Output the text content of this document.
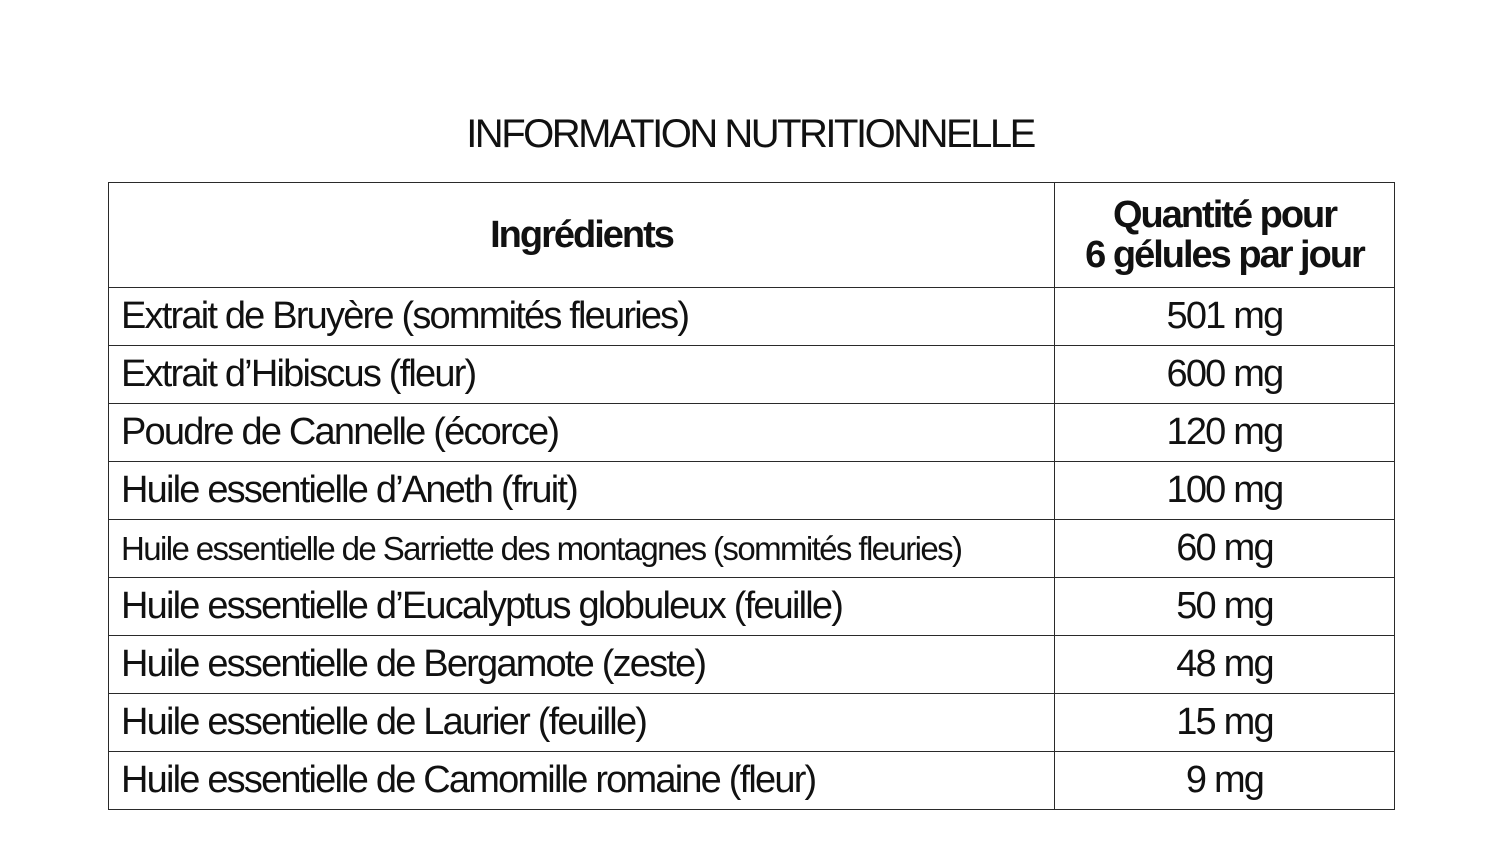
INFORMATION NUTRITIONNELLE
Ingrédients	Quantité pour
6 gélules par jour

Extrait de Bruyère (sommités fleuries)	501 mg
Extrait d’Hibiscus (fleur)	600 mg
Poudre de Cannelle (écorce)	120 mg
Huile essentielle d’Aneth (fruit)	100 mg
Huile essentielle de Sarriette des montagnes (sommités fleuries)	60 mg
Huile essentielle d’Eucalyptus globuleux (feuille)	50 mg
Huile essentielle de Bergamote (zeste)	48 mg
Huile essentielle de Laurier (feuille)	15 mg
Huile essentielle de Camomille romaine (fleur)	9 mg
